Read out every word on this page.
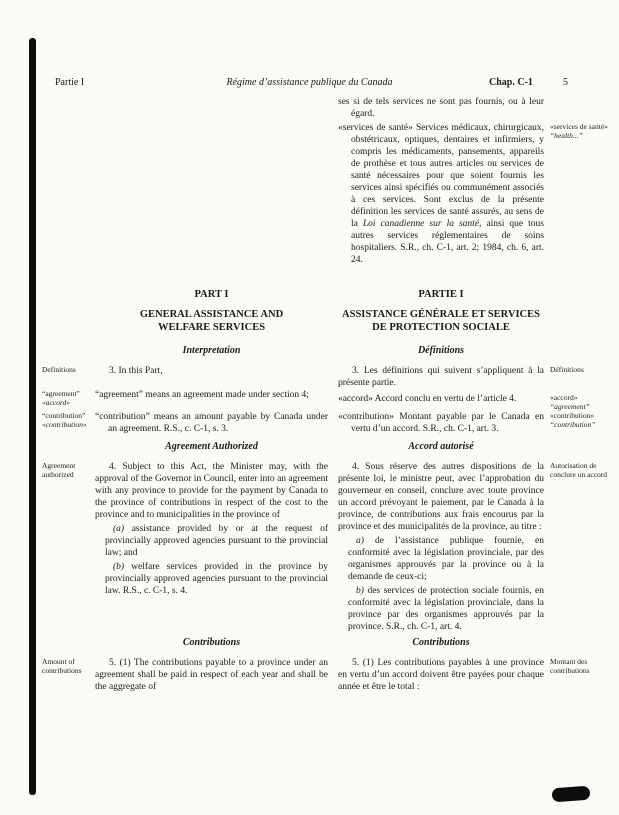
Partie I	Régime d’assistance publique du Canada	Chap. C-1	5

ses si de tels services ne sont pas fournis, ou à leur égard.

«services de santé» Services médicaux, chirurgicaux, obstétricaux, optiques, dentaires et infirmiers, y compris les médicaments, pansements, appareils de prothèse et tous autres articles ou services de santé nécessaires pour que soient fournis les services ainsi spécifiés ou communément associés à ces services. Sont exclus de la présente définition les services de santé assurés, au sens de la Loi canadienne sur la santé, ainsi que tous autres services réglementaires de soins hospitaliers. S.R., ch. C-1, art. 2; 1984, ch. 6, art. 24.

«services de santé»
“health...”
PART I
GENERAL ASSISTANCE AND WELFARE SERVICES
Interpretation
PARTIE I
ASSISTANCE GÉNÉRALE ET SERVICES DE PROTECTION SOCIALE
Définitions
Definitions	3. In this Part,	3. Les définitions qui suivent s’appliquent à la présente partie.

Définitions
“agreement”
«accord»

“agreement” means an agreement made under section 4;	«accord» Accord conclu en vertu de l’article 4.	«accord»
“agreement”
“contribution”
«contribution»

“contribution” means an amount payable by Canada under an agreement. R.S., c. C-1, s. 3.

«contribution» Montant payable par le Canada en vertu d’un accord. S.R., ch. C-1, art. 3.

«contribution»
“contribution”
Agreement Authorized	Accord autorisé
Agreement authorized

4. Subject to this Act, the Minister may, with the approval of the Governor in Council, enter into an agreement with any province to provide for the payment by Canada to the province of contributions in respect of the cost to the province and to municipalities in the province of

(a) assistance provided by or at the request of provincially approved agencies pursuant to the provincial law; and

(b) welfare services provided in the province by provincially approved agencies pursuant to the provincial law. R.S., c. C-1, s. 4.

4. Sous réserve des autres dispositions de la présente loi, le ministre peut, avec l’approbation du gouverneur en conseil, conclure avec toute province un accord prévoyant le paiement, par le Canada à la province, de contributions aux frais encourus par la province et des municipalités de la province, au titre :

a) de l’assistance publique fournie, en conformité avec la législation provinciale, par des organismes approuvés par la province ou à la demande de ceux-ci;

b) des services de protection sociale fournis, en conformité avec la législation provinciale, dans la province par des organismes approuvés par la province. S.R., ch. C-1, art. 4.

Autorisation de conclure un accord
Contributions	Contributions
Amount of contributions

5. (1) The contributions payable to a province under an agreement shall be paid in respect of each year and shall be the aggregate of

5. (1) Les contributions payables à une province en vertu d’un accord doivent être payées pour chaque année et être le total :

Montant des contributions
